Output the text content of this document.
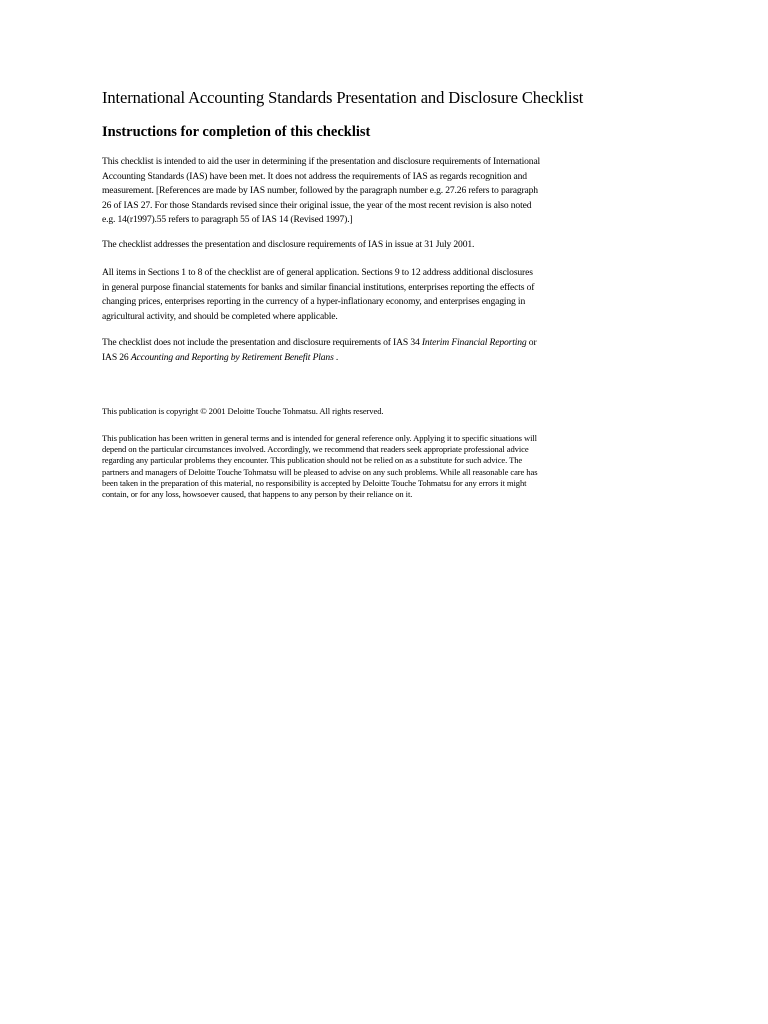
International Accounting Standards Presentation and Disclosure Checklist
Instructions for completion of this checklist

This checklist is intended to aid the user in determining if the presentation and disclosure requirements of International
Accounting Standards (IAS) have been met. It does not address the requirements of IAS as regards recognition and
measurement. [References are made by IAS number, followed by the paragraph number e.g. 27.26 refers to paragraph
26 of IAS 27. For those Standards revised since their original issue, the year of the most recent revision is also noted
e.g. 14(r1997).55 refers to paragraph 55 of IAS 14 (Revised 1997).]

The checklist addresses the presentation and disclosure requirements of IAS in issue at 31 July 2001.

All items in Sections 1 to 8 of the checklist are of general application. Sections 9 to 12 address additional disclosures
in general purpose financial statements for banks and similar financial institutions, enterprises reporting the effects of
changing prices, enterprises reporting in the currency of a hyper-inflationary economy, and enterprises engaging in
agricultural activity, and should be completed where applicable.

The checklist does not include the presentation and disclosure requirements of IAS 34 Interim Financial Reporting or
IAS 26 Accounting and Reporting by Retirement Benefit Plans .

This publication is copyright © 2001 Deloitte Touche Tohmatsu. All rights reserved.

This publication has been written in general terms and is intended for general reference only. Applying it to specific situations will
depend on the particular circumstances involved. Accordingly, we recommend that readers seek appropriate professional advice
regarding any particular problems they encounter. This publication should not be relied on as a substitute for such advice. The
partners and managers of Deloitte Touche Tohmatsu will be pleased to advise on any such problems. While all reasonable care has
been taken in the preparation of this material, no responsibility is accepted by Deloitte Touche Tohmatsu for any errors it might
contain, or for any loss, howsoever caused, that happens to any person by their reliance on it.
